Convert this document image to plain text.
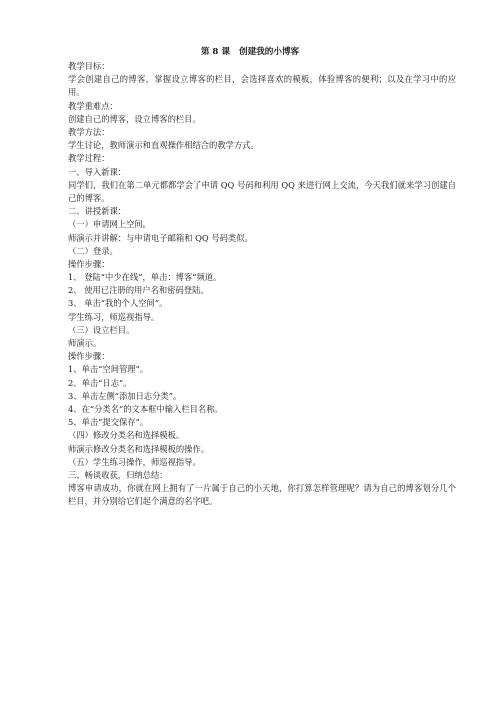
第 8 课   创建我的小博客
教学目标：
学会创建自己的博客，掌握设立博客的栏目，会选择喜欢的模板，体验博客的便利；以及在学习中的应用。
教学重难点：
创建自己的博客，设立博客的栏目。
教学方法：
学生讨论，教师演示和直观操作相结合的教学方式。
教学过程：
一、导入新课：
同学们，我们在第二单元都都学会了申请 QQ 号码和利用 QQ 来进行网上交流，今天我们就来学习创建自己的博客。
二、讲授新课：
（一）申请网上空间。
师演示并讲解：与申请电子邮箱和 QQ 号码类似。
（二）登录。
操作步骤：
1、 登陆“中少在线”，单击：博客“频道。
2、 使用已注册的用户名和密码登陆。
3、 单击“我的个人空间”。
学生练习，师巡视指导。
（三）设立栏目。
师演示。
操作步骤：
1、单击“空间管理”。
2、单击“日志”。
3、单击左侧“添加日志分类”。
4、在“分类名”的文本框中输入栏目名称。
5、单击“提交保存”。
（四）修改分类名和选择模板。
师演示修改分类名和选择模板的操作。
（五）学生练习操作，师巡视指导。
三、畅谈收获，归纳总结：
博客申请成功，你就在网上拥有了一片属于自己的小天地，你打算怎样管理呢？请为自己的博客划分几个栏目，并分别给它们起个满意的名字吧。
